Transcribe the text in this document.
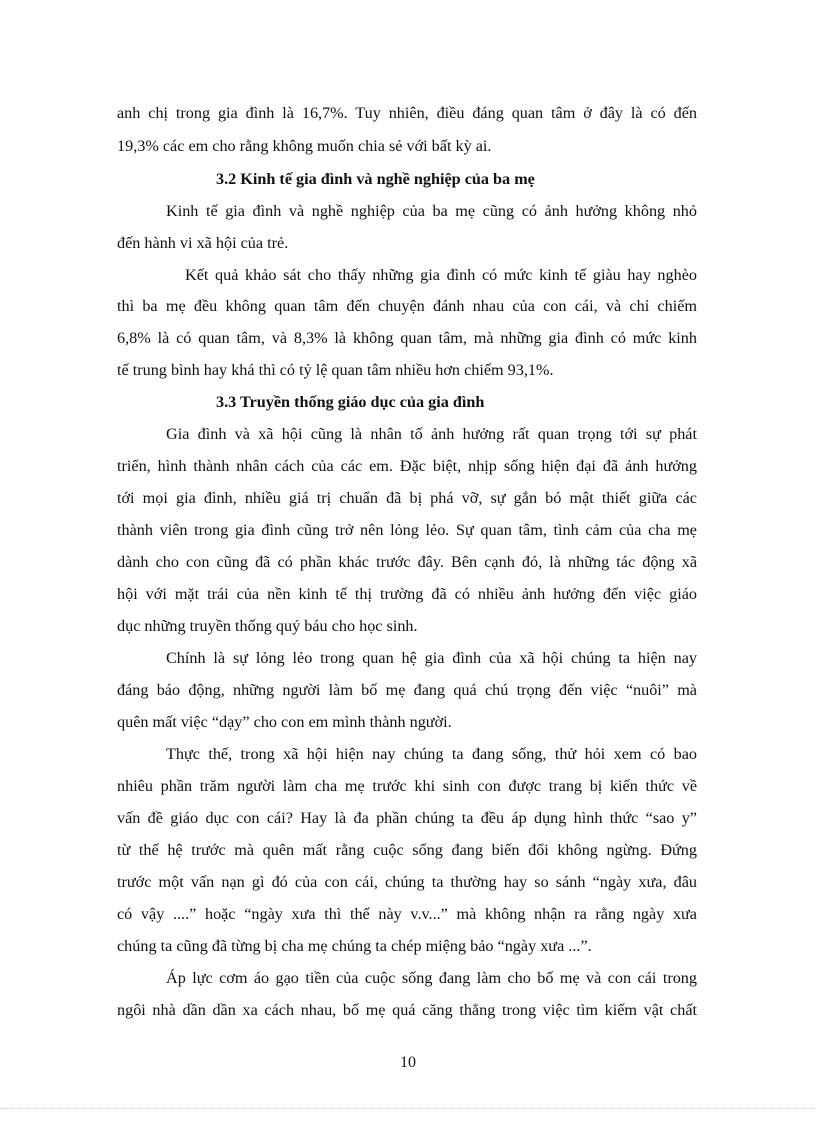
anh chị trong gia đình là 16,7%. Tuy nhiên, điều đáng quan tâm ở đây là có đến
19,3% các em cho rằng không muốn chia sẻ với bất kỳ ai.
3.2 Kinh tế gia đình và nghề nghiệp của ba mẹ
Kinh tế gia đình và nghề nghiệp của ba mẹ cũng có ảnh hưởng không nhỏ
đến hành vi xã hội của trẻ.
Kết quả khảo sát cho thấy những gia đình có mức kinh tế giàu hay nghèo
thì ba mẹ đều không quan tâm đến chuyện đánh nhau của con cái, và chỉ chiếm
6,8% là có quan tâm, và 8,3% là không quan tâm, mà những gia đình có mức kinh
tế trung bình hay khá thì có tỷ lệ quan tâm nhiều hơn chiếm 93,1%.
3.3 Truyền thống giáo dục của gia đình
Gia đình và xã hội cũng là nhân tố ảnh hưởng rất quan trọng tới sự phát
triển, hình thành nhân cách của các em. Đặc biệt, nhịp sống hiện đại đã ảnh hưởng
tới mọi gia đình, nhiều giá trị chuẩn đã bị phá vỡ, sự gắn bó mật thiết giữa các
thành viên trong gia đình cũng trở nên lỏng lẻo. Sự quan tâm, tình cảm của cha mẹ
dành cho con cũng đã có phần khác trước đây. Bên cạnh đó, là những tác động xã
hội với mặt trái của nền kinh tế thị trường đã có nhiều ảnh hưởng đến việc giáo
dục những truyền thống quý báu cho học sinh.
Chính là sự lỏng lẻo trong quan hệ gia đình của xã hội chúng ta hiện nay
đáng báo động, những người làm bố mẹ đang quá chú trọng đến việc “nuôi” mà
quên mất việc “dạy” cho con em mình thành người.
Thực thế, trong xã hội hiện nay chúng ta đang sống, thử hỏi xem có bao
nhiêu phần trăm người làm cha mẹ trước khi sinh con được trang bị kiến thức về
vấn đề giáo dục con cái? Hay là đa phần chúng ta đều áp dụng hình thức “sao y”
từ thế hệ trước mà quên mất rằng cuộc sống đang biến đổi không ngừng. Đứng
trước một vấn nạn gì đó của con cái, chúng ta thường hay so sánh “ngày xưa, đâu
có vậy ....” hoặc “ngày xưa thì thế này v.v...” mà không nhận ra rằng ngày xưa
chúng ta cũng đã từng bị cha mẹ chúng ta chép miệng bảo “ngày xưa ...”.
Áp lực cơm áo gạo tiền của cuộc sống đang làm cho bố mẹ và con cái trong
ngôi nhà dần dần xa cách nhau, bố mẹ quá căng thẳng trong việc tìm kiếm vật chất
10
